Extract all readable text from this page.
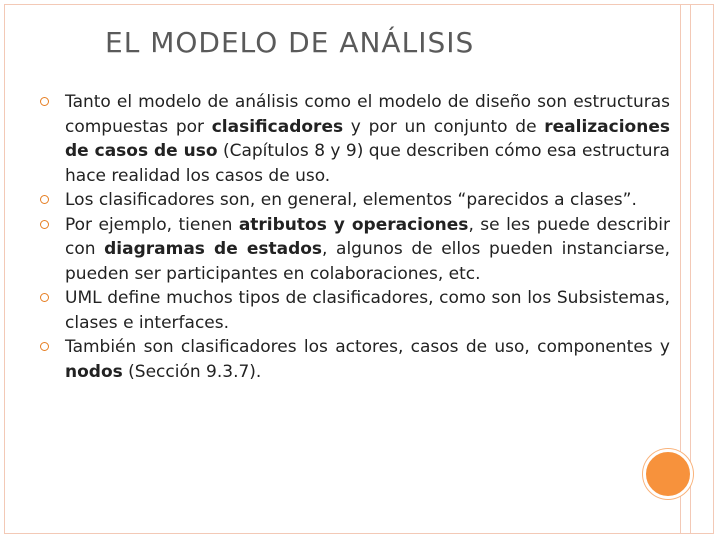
EL MODELO DE ANÁLISIS
Tanto el modelo de análisis como el modelo de diseño son estructuras compuestas por clasificadores y por un conjunto de realizaciones de casos de uso (Capítulos 8 y 9) que describen cómo esa estructura hace realidad los casos de uso.
Los clasificadores son, en general, elementos “parecidos a clases”.
Por ejemplo, tienen atributos y operaciones, se les puede describir con diagramas de estados, algunos de ellos pueden instanciarse, pueden ser participantes en colaboraciones, etc.
UML define muchos tipos de clasificadores, como son los Subsistemas, clases e interfaces.
También son clasificadores los actores, casos de uso, componentes y nodos (Sección 9.3.7).
